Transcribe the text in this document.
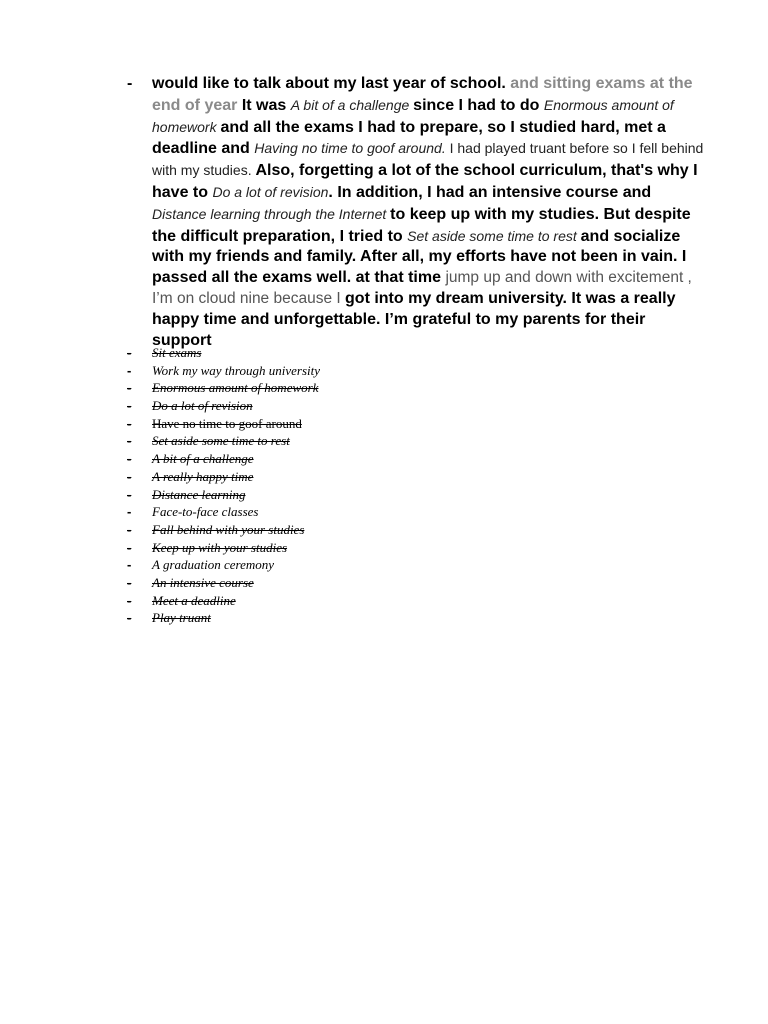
-	would like to talk about my last year of school. and sitting exams at the end of year It was A bit of a challenge since I had to do Enormous amount of homework and all the exams I had to prepare, so I studied hard, met a deadline and Having no time to goof around. I had played truant before so I fell behind with my studies. Also, forgetting a lot of the school curriculum, that's why I have to Do a lot of revision. In addition, I had an intensive course and Distance learning through the Internet to keep up with my studies. But despite the difficult preparation, I tried to Set aside some time to rest and socialize with my friends and family. After all, my efforts have not been in vain. I passed all the exams well. at that time jump up and down with excitement , I’m on cloud nine because I got into my dream university. It was a really happy time and unforgettable. I’m grateful to my parents for their support
-	Sit exams
-	Work my way through university
-	Enormous amount of homework
-	Do a lot of revision
-	Have no time to goof around
-	Set aside some time to rest
-	A bit of a challenge
-	A really happy time
-	Distance learning
-	Face-to-face classes
-	Fall behind with your studies
-	Keep up with your studies
-	A graduation ceremony
-	An intensive course
-	Meet a deadline
-	Play truant
